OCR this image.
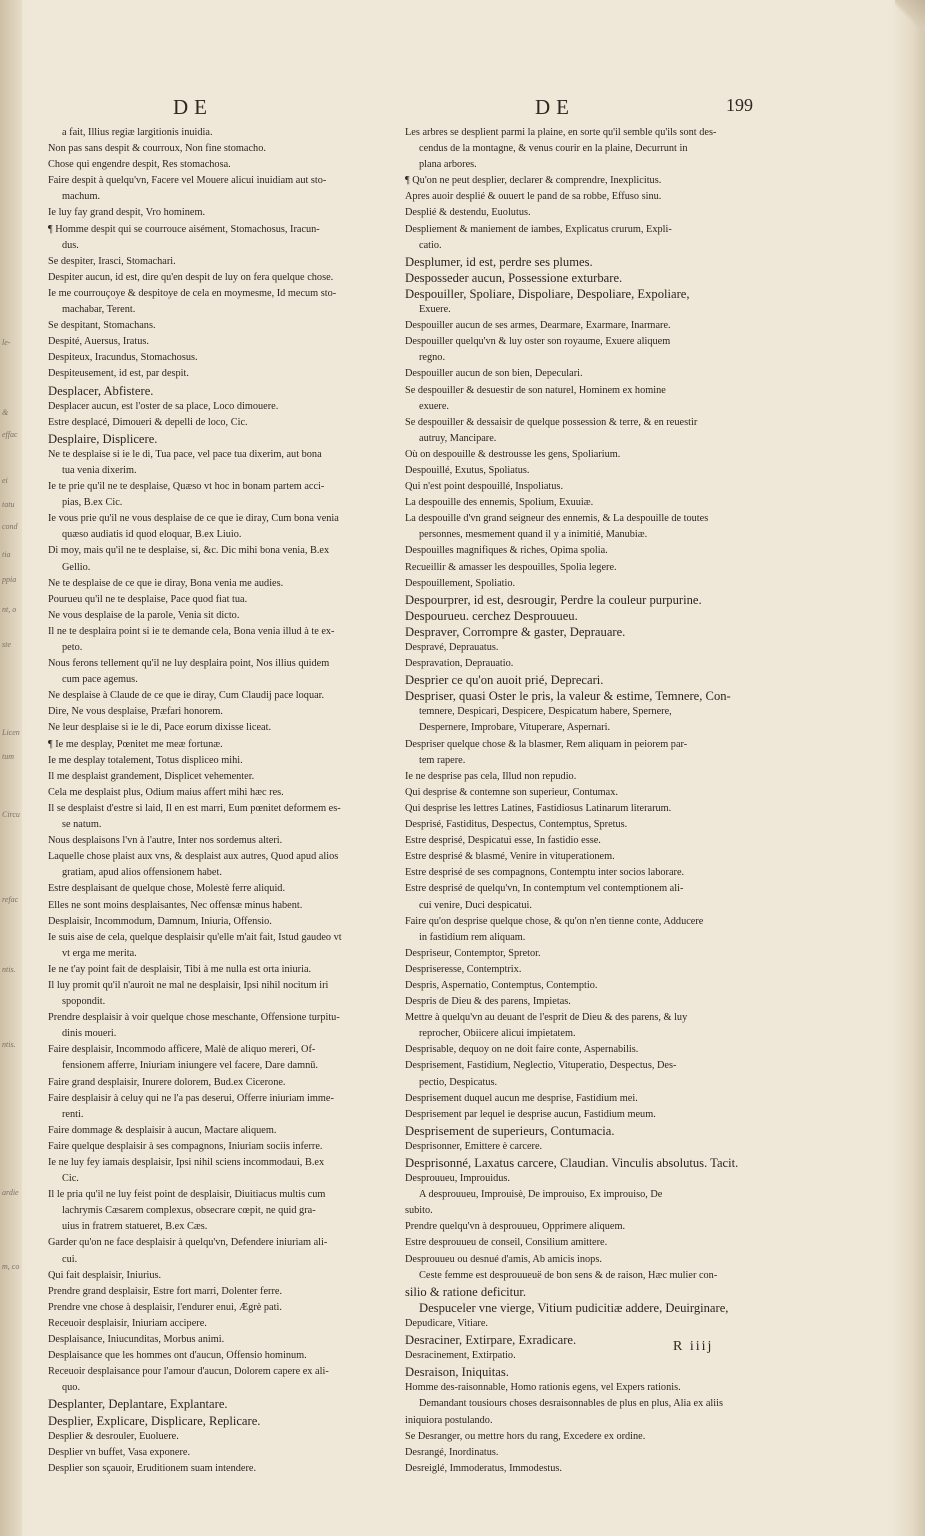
le-
&
effac
ei
tatu
cond
tia
ppia
nt, o
ste
Licen
tum
Circu
refac
ntis.
ntis.
ardie
m, co
DE	DE	199
a fait, Illius regiæ largitionis inuidia.
Non pas sans despit & courroux, Non fine stomacho.
Chose qui engendre despit, Res stomachosa.
Faire despit à quelqu'vn, Facere vel Mouere alicui inuidiam aut sto-
machum.
Ie luy fay grand despit, Vro hominem.
¶ Homme despit qui se courrouce aisément, Stomachosus, Iracun-
dus.
Se despiter, Irasci, Stomachari.
Despiter aucun, id est, dire qu'en despit de luy on fera quelque chose.
Ie me courrouçoye & despitoye de cela en moymesme, Id mecum sto-
machabar, Terent.
Se despitant, Stomachans.
Despité, Auersus, Iratus.
Despiteux, Iracundus, Stomachosus.
Despiteusement, id est, par despit.
Desplacer, Abfistere.
Desplacer aucun, est l'oster de sa place, Loco dimouere.
Estre desplacé, Dimoueri & depelli de loco, Cic.
Desplaire, Displicere.
Ne te desplaise si ie le di, Tua pace, vel pace tua dixerim, aut bona
tua venia dixerim.
Ie te prie qu'il ne te desplaise, Quæso vt hoc in bonam partem acci-
pias, B.ex Cic.
Ie vous prie qu'il ne vous desplaise de ce que ie diray, Cum bona venia
quæso audiatis id quod eloquar, B.ex Liuio.
Di moy, mais qu'il ne te desplaise, si, &c. Dic mihi bona venia, B.ex
Gellio.
Ne te desplaise de ce que ie diray, Bona venia me audies.
Pourueu qu'il ne te desplaise, Pace quod fiat tua.
Ne vous desplaise de la parole, Venia sit dicto.
Il ne te desplaira point si ie te demande cela, Bona venia illud à te ex-
peto.
Nous ferons tellement qu'il ne luy desplaira point, Nos illius quidem
cum pace agemus.
Ne desplaise à Claude de ce que ie diray, Cum Claudij pace loquar.
Dire, Ne vous desplaise, Præfari honorem.
Ne leur desplaise si ie le di, Pace eorum dixisse liceat.
¶ Ie me desplay, Pœnitet me meæ fortunæ.
Ie me desplay totalement, Totus displiceo mihi.
Il me desplaist grandement, Displicet vehementer.
Cela me desplaist plus, Odium maius affert mihi hæc res.
Il se desplaist d'estre si laid, Il en est marri, Eum pœnitet deformem es-
se natum.
Nous desplaisons l'vn à l'autre, Inter nos sordemus alteri.
Laquelle chose plaist aux vns, & desplaist aux autres, Quod apud alios
gratiam, apud alios offensionem habet.
Estre desplaisant de quelque chose, Molestè ferre aliquid.
Elles ne sont moins desplaisantes, Nec offensæ minus habent.
Desplaisir, Incommodum, Damnum, Iniuria, Offensio.
Ie suis aise de cela, quelque desplaisir qu'elle m'ait fait, Istud gaudeo vt
vt erga me merita.
Ie ne t'ay point fait de desplaisir, Tibi à me nulla est orta iniuria.
Il luy promit qu'il n'auroit ne mal ne desplaisir, Ipsi nihil nocitum iri
spopondit.
Prendre desplaisir à voir quelque chose meschante, Offensione turpitu-
dinis moueri.
Faire desplaisir, Incommodo afficere, Malè de aliquo mereri, Of-
fensionem afferre, Iniuriam iniungere vel facere, Dare damnū.
Faire grand desplaisir, Inurere dolorem, Bud.ex Cicerone.
Faire desplaisir à celuy qui ne l'a pas deserui, Offerre iniuriam imme-
renti.
Faire dommage & desplaisir à aucun, Mactare aliquem.
Faire quelque desplaisir à ses compagnons, Iniuriam sociis inferre.
Ie ne luy fey iamais desplaisir, Ipsi nihil sciens incommodaui, B.ex
Cic.
Il le pria qu'il ne luy feist point de desplaisir, Diuitiacus multis cum
lachrymis Cæsarem complexus, obsecrare cœpit, ne quid gra-
uius in fratrem statueret, B.ex Cæs.
Garder qu'on ne face desplaisir à quelqu'vn, Defendere iniuriam ali-
cui.
Qui fait desplaisir, Iniurius.
Prendre grand desplaisir, Estre fort marri, Dolenter ferre.
Prendre vne chose à desplaisir, l'endurer enui, Ægrè pati.
Receuoir desplaisir, Iniuriam accipere.
Desplaisance, Iniucunditas, Morbus animi.
Desplaisance que les hommes ont d'aucun, Offensio hominum.
Receuoir desplaisance pour l'amour d'aucun, Dolorem capere ex ali-
quo.
Desplanter, Deplantare, Explantare.
Desplier, Explicare, Displicare, Replicare.
Desplier & desrouler, Euoluere.
Desplier vn buffet, Vasa exponere.
Desplier son sçauoir, Eruditionem suam intendere.
Les arbres se desplient parmi la plaine, en sorte qu'il semble qu'ils sont des-
cendus de la montagne, & venus courir en la plaine, Decurrunt in
plana arbores.
¶ Qu'on ne peut desplier, declarer & comprendre, Inexplicitus.
Apres auoir desplié & ouuert le pand de sa robbe, Effuso sinu.
Desplié & destendu, Euolutus.
Despliement & maniement de iambes, Explicatus crurum, Expli-
catio.
Desplumer, id est, perdre ses plumes.
Desposseder aucun, Possessione exturbare.
Despouiller, Spoliare, Dispoliare, Despoliare, Expoliare,
Exuere.
Despouiller aucun de ses armes, Dearmare, Exarmare, Inarmare.
Despouiller quelqu'vn & luy oster son royaume, Exuere aliquem
regno.
Despouiller aucun de son bien, Depeculari.
Se despouiller & desuestir de son naturel, Hominem ex homine
exuere.
Se despouiller & dessaisir de quelque possession & terre, & en reuestir
autruy, Mancipare.
Où on despouille & destrousse les gens, Spoliarium.
Despouillé, Exutus, Spoliatus.
Qui n'est point despouillé, Inspoliatus.
La despouille des ennemis, Spolium, Exuuiæ.
La despouille d'vn grand seigneur des ennemis, & La despouille de toutes
personnes, mesmement quand il y a inimitié, Manubiæ.
Despouilles magnifiques & riches, Opima spolia.
Recueillir & amasser les despouilles, Spolia legere.
Despouillement, Spoliatio.
Despourprer, id est, desrougir, Perdre la couleur purpurine.
Despourueu. cerchez Desprouueu.
Despraver, Corrompre & gaster, Deprauare.
Despravé, Deprauatus.
Despravation, Deprauatio.
Desprier ce qu'on auoit prié, Deprecari.
Despriser, quasi Oster le pris, la valeur & estime, Temnere, Con-
temnere, Despicari, Despicere, Despicatum habere, Spernere,
Despernere, Improbare, Vituperare, Aspernari.
Despriser quelque chose & la blasmer, Rem aliquam in peiorem par-
tem rapere.
Ie ne desprise pas cela, Illud non repudio.
Qui desprise & contemne son superieur, Contumax.
Qui desprise les lettres Latines, Fastidiosus Latinarum literarum.
Desprisé, Fastiditus, Despectus, Contemptus, Spretus.
Estre desprisé, Despicatui esse, In fastidio esse.
Estre desprisé & blasmé, Venire in vituperationem.
Estre desprisé de ses compagnons, Contemptu inter socios laborare.
Estre desprisé de quelqu'vn, In contemptum vel contemptionem ali-
cui venire, Duci despicatui.
Faire qu'on desprise quelque chose, & qu'on n'en tienne conte, Adducere
in fastidium rem aliquam.
Despriseur, Contemptor, Spretor.
Despriseresse, Contemptrix.
Despris, Aspernatio, Contemptus, Contemptio.
Despris de Dieu & des parens, Impietas.
Mettre à quelqu'vn au deuant de l'esprit de Dieu & des parens, & luy
reprocher, Obiicere alicui impietatem.
Desprisable, dequoy on ne doit faire conte, Aspernabilis.
Desprisement, Fastidium, Neglectio, Vituperatio, Despectus, Des-
pectio, Despicatus.
Desprisement duquel aucun me desprise, Fastidium mei.
Desprisement par lequel ie desprise aucun, Fastidium meum.
Desprisement de superieurs, Contumacia.
Desprisonner, Emittere è carcere.
Desprisonné, Laxatus carcere, Claudian. Vinculis absolutus. Tacit.
Desprouueu, Improuidus.
A desprouueu, Improuisè, De improuiso, Ex improuiso, De
subito.
Prendre quelqu'vn à desprouueu, Opprimere aliquem.
Estre desprouueu de conseil, Consilium amittere.
Desprouueu ou desnué d'amis, Ab amicis inops.
Ceste femme est desprouueuë de bon sens & de raison, Hæc mulier con-
silio & ratione deficitur.
Despuceler vne vierge, Vitium pudicitiæ addere, Deuirginare,
Depudicare, Vitiare.
Desraciner, Extirpare, Exradicare.
Desracinement, Extirpatio.
Desraison, Iniquitas.
Homme des-raisonnable, Homo rationis egens, vel Expers rationis.
Demandant tousiours choses desraisonnables de plus en plus, Alia ex aliis
iniquiora postulando.
Se Desranger, ou mettre hors du rang, Excedere ex ordine.
Desrangé, Inordinatus.
Desreiglé, Immoderatus, Immodestus.
R iiij
